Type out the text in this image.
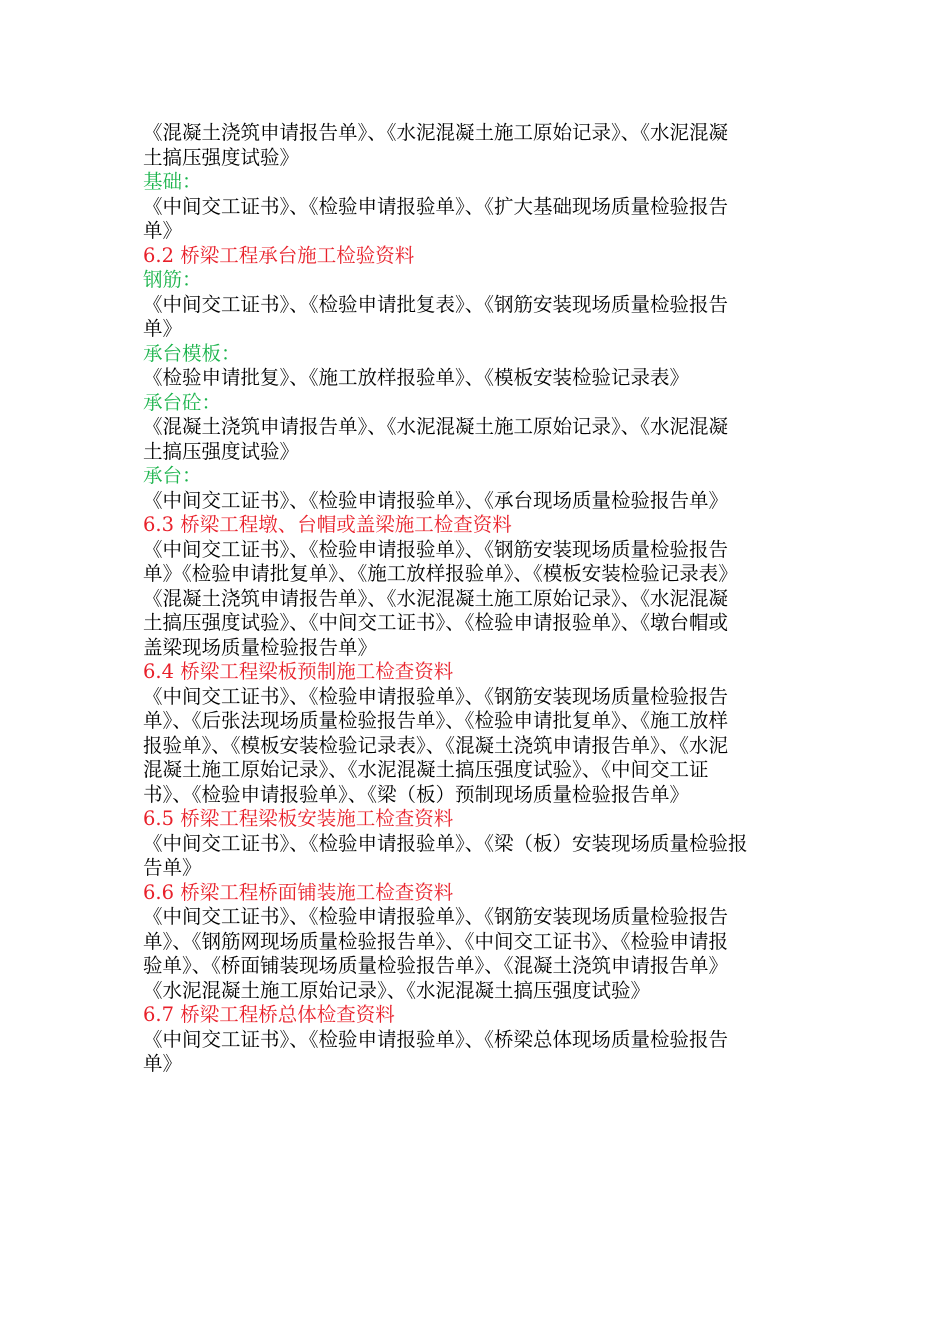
《混凝土浇筑申请报告单》、《水泥混凝土施工原始记录》、《水泥混凝
土搞压强度试验》
基础：
《中间交工证书》、《检验申请报验单》、《扩大基础现场质量检验报告
单》
6.2 桥梁工程承台施工检验资料
钢筋：
《中间交工证书》、《检验申请批复表》、《钢筋安装现场质量检验报告
单》
承台模板：
《检验申请批复》、《施工放样报验单》、《模板安装检验记录表》
承台砼：
《混凝土浇筑申请报告单》、《水泥混凝土施工原始记录》、《水泥混凝
土搞压强度试验》
承台：
《中间交工证书》、《检验申请报验单》、《承台现场质量检验报告单》
6.3 桥梁工程墩、台帽或盖梁施工检查资料
《中间交工证书》、《检验申请报验单》、《钢筋安装现场质量检验报告
单》《检验申请批复单》、《施工放样报验单》、《模板安装检验记录表》
《混凝土浇筑申请报告单》、《水泥混凝土施工原始记录》、《水泥混凝
土搞压强度试验》、《中间交工证书》、《检验申请报验单》、《墩台帽或
盖梁现场质量检验报告单》
6.4 桥梁工程梁板预制施工检查资料
《中间交工证书》、《检验申请报验单》、《钢筋安装现场质量检验报告
单》、《后张法现场质量检验报告单》、《检验申请批复单》、《施工放样
报验单》、《模板安装检验记录表》、《混凝土浇筑申请报告单》、《水泥
混凝土施工原始记录》、《水泥混凝土搞压强度试验》、《中间交工证
书》、《检验申请报验单》、《梁（板）预制现场质量检验报告单》
6.5 桥梁工程梁板安装施工检查资料
《中间交工证书》、《检验申请报验单》、《梁（板）安装现场质量检验报
告单》
6.6 桥梁工程桥面铺装施工检查资料
《中间交工证书》、《检验申请报验单》、《钢筋安装现场质量检验报告
单》、《钢筋网现场质量检验报告单》、《中间交工证书》、《检验申请报
验单》、《桥面铺装现场质量检验报告单》、《混凝土浇筑申请报告单》
《水泥混凝土施工原始记录》、《水泥混凝土搞压强度试验》
6.7 桥梁工程桥总体检查资料
《中间交工证书》、《检验申请报验单》、《桥梁总体现场质量检验报告
单》
